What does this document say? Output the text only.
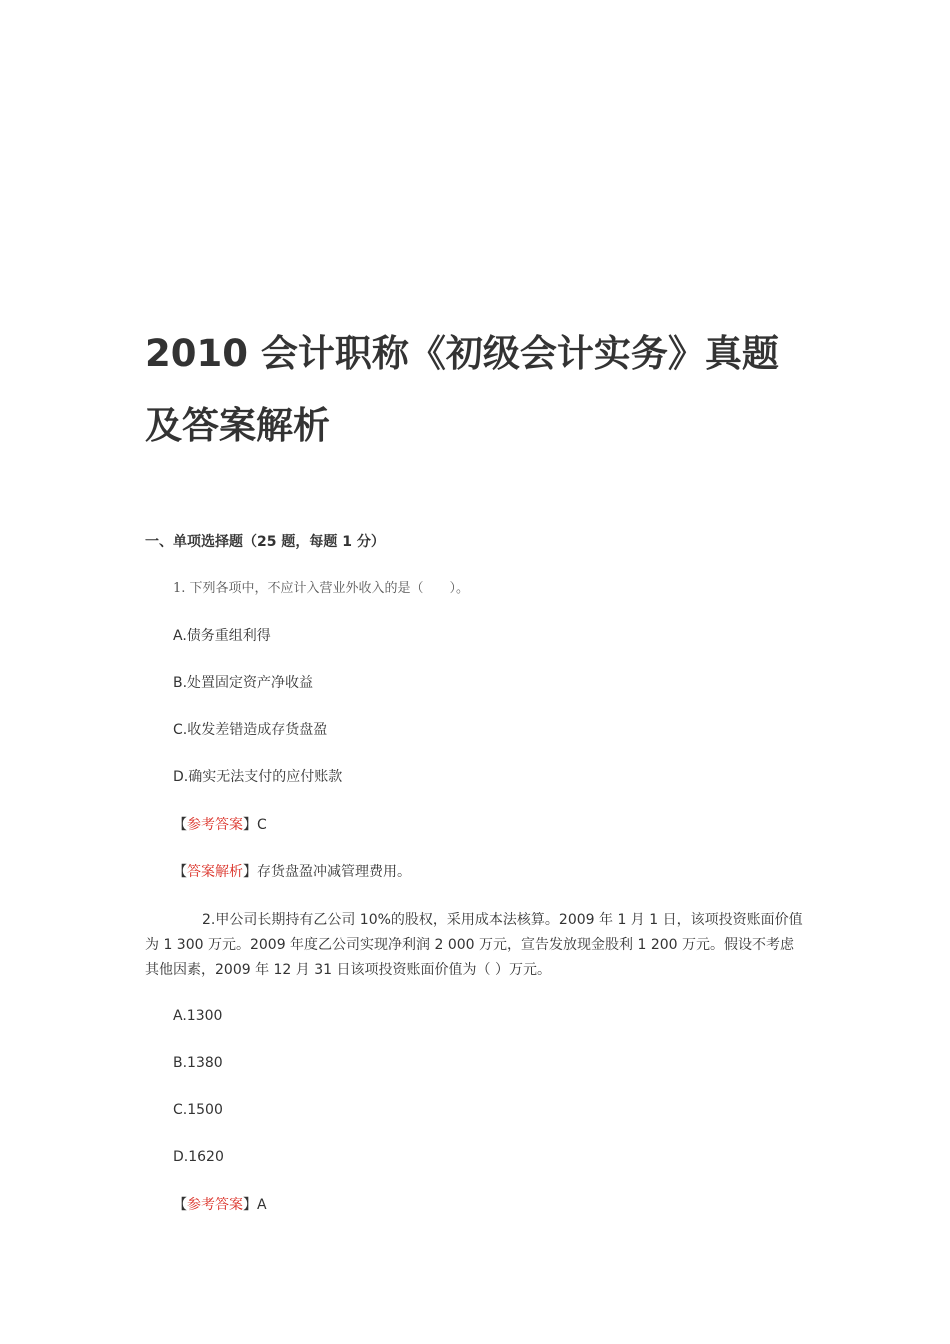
2010 会计职称《初级会计实务》真题及答案解析
一、单项选择题（25 题，每题 1 分）

1. 下列各项中，不应计入营业外收入的是（　　）。

A.债务重组利得

B.处置固定资产净收益

C.收发差错造成存货盘盈

D.确实无法支付的应付账款

【参考答案】C

【答案解析】存货盘盈冲减管理费用。

2.甲公司长期持有乙公司 10%的股权，采用成本法核算。2009 年 1 月 1 日，该项投资账面价值为 1 300 万元。2009 年度乙公司实现净利润 2 000 万元，宣告发放现金股利 1 200 万元。假设不考虑其他因素，2009 年 12 月 31 日该项投资账面价值为（ ）万元。

A.1300

B.1380

C.1500

D.1620

【参考答案】A
